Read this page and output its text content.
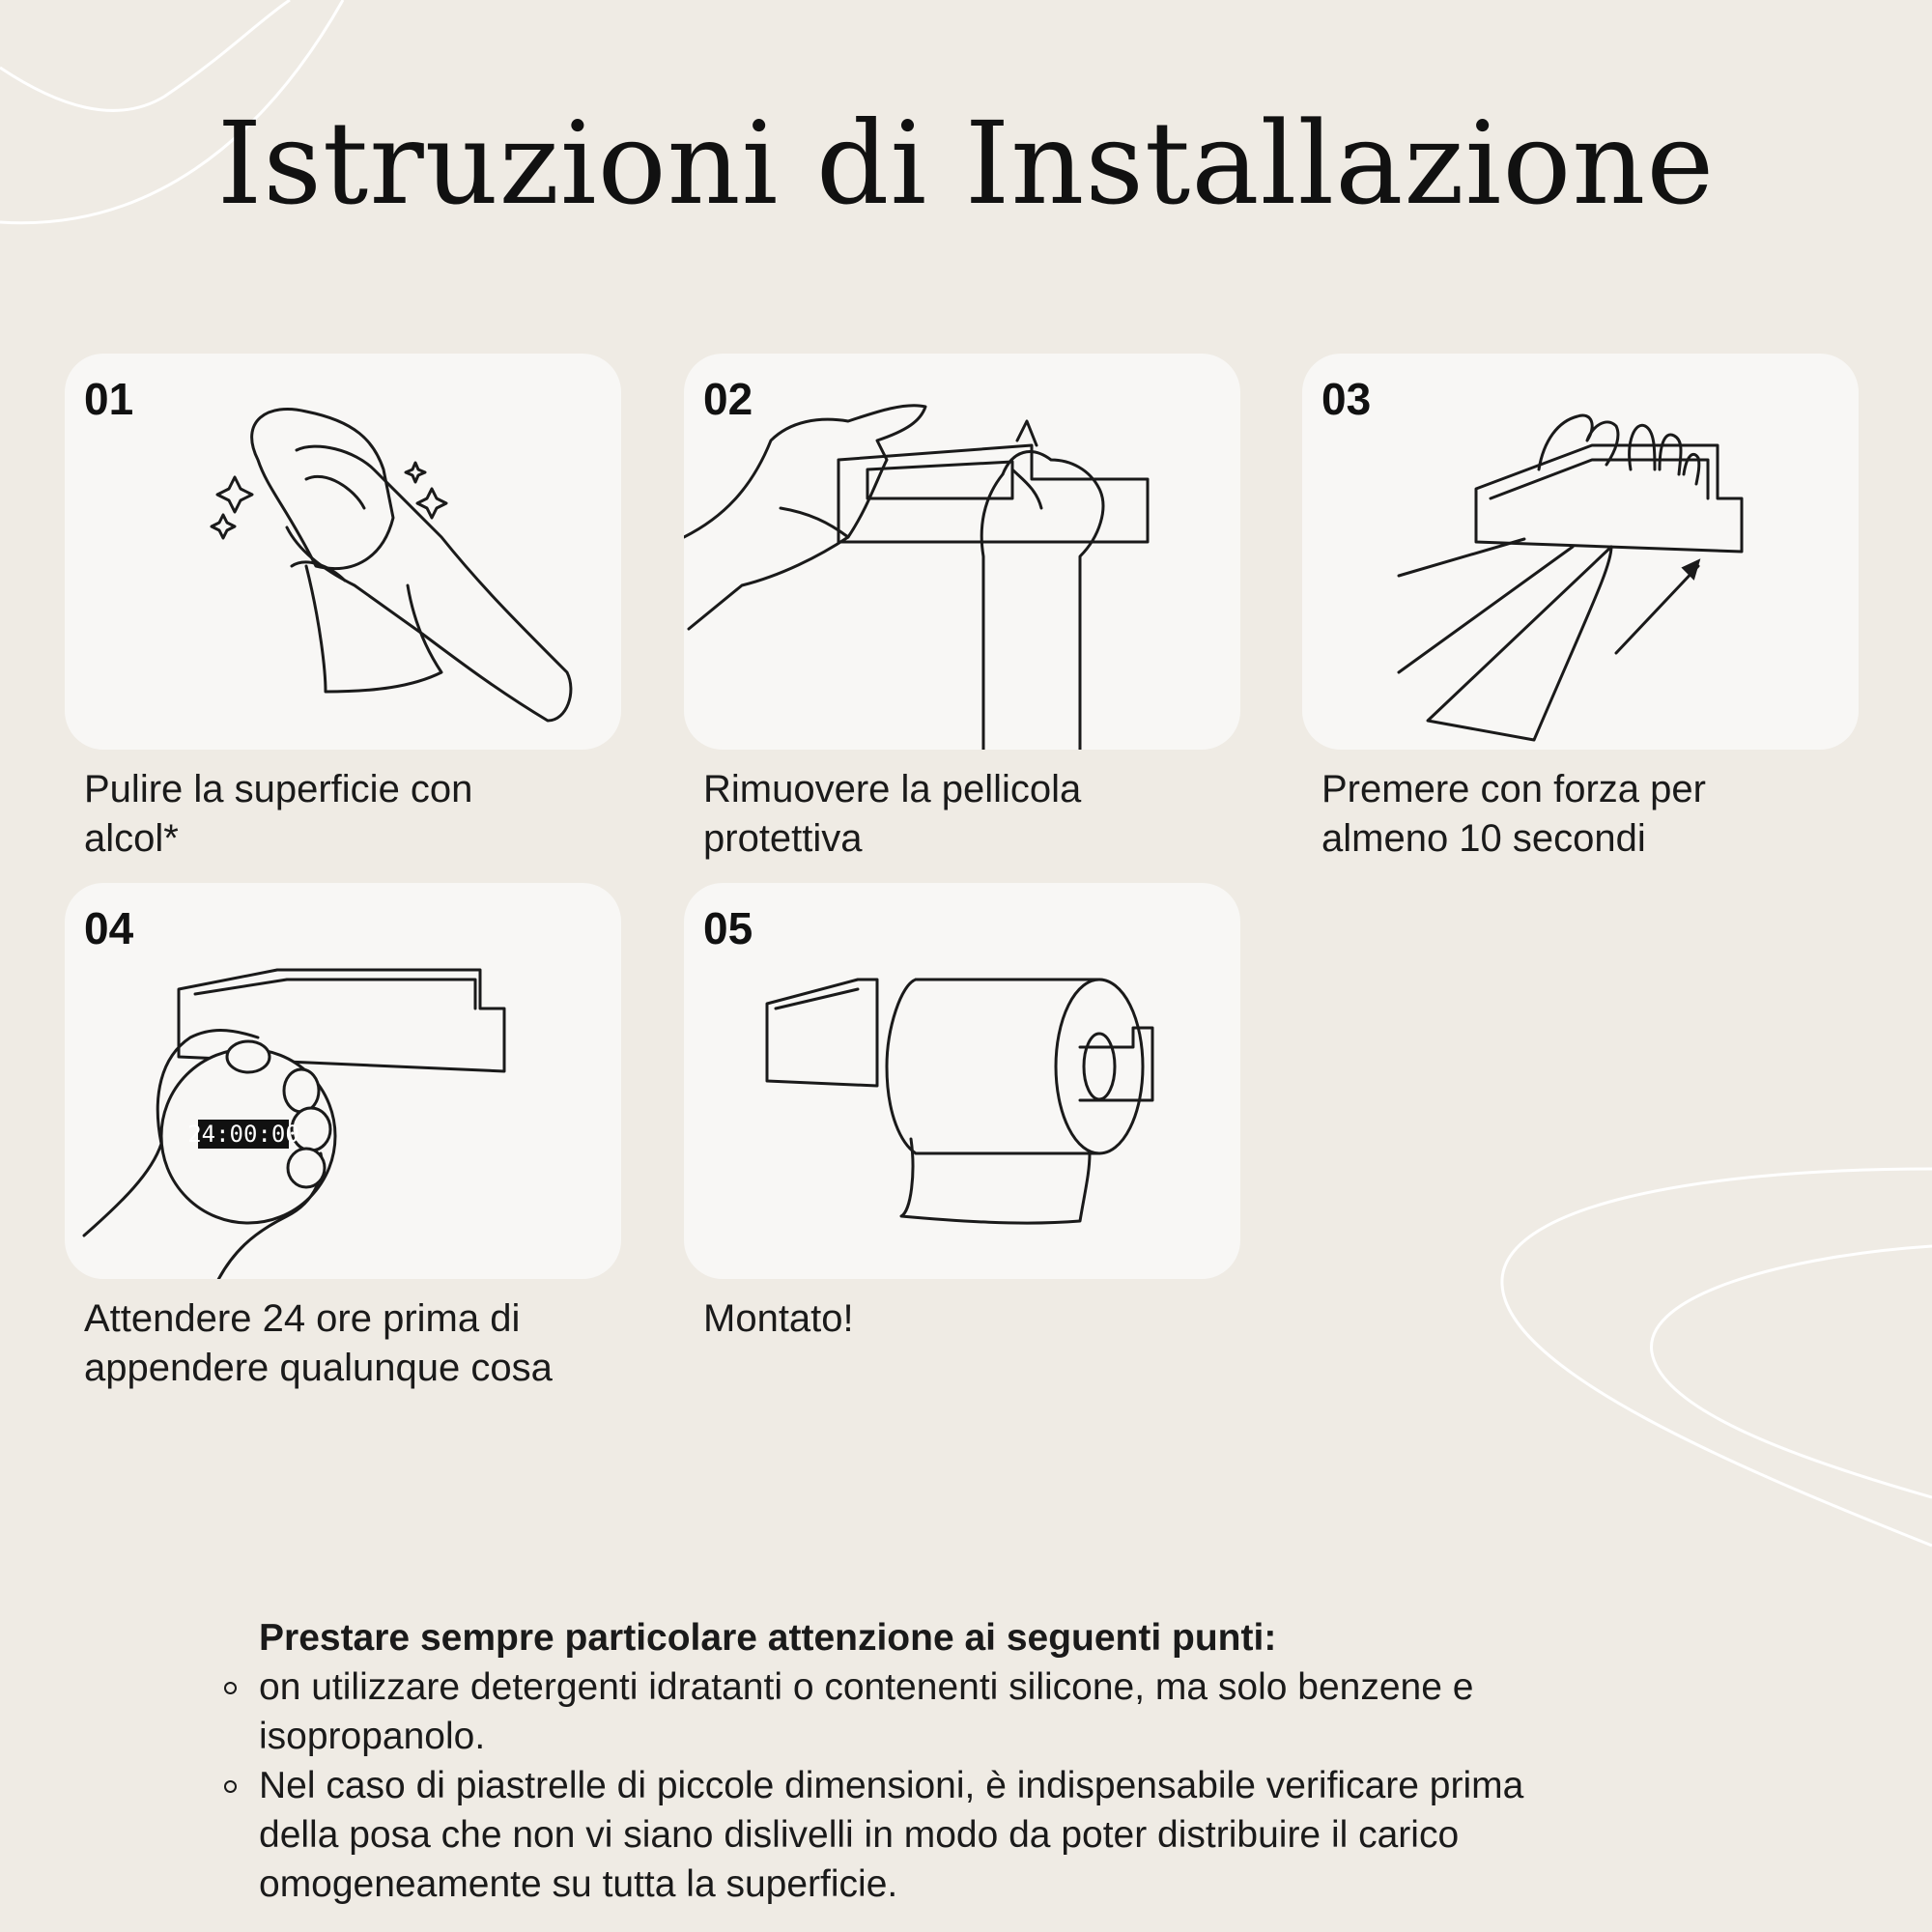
Istruzioni di Installazione
01
Pulire la superficie con
alcol*
02
Rimuovere la pellicola
protettiva
03
Premere con forza per
almeno 10 secondi
04
24:00:00
Attendere 24 ore prima di
appendere qualunque cosa
05
Montato!

Prestare sempre particolare attenzione ai seguenti punti:

on utilizzare detergenti idratanti o contenenti silicone, ma solo benzene e
isopropanolo.
Nel caso di piastrelle di piccole dimensioni, è indispensabile verificare prima
della posa che non vi siano dislivelli in modo da poter distribuire il carico
omogeneamente su tutta la superficie.
